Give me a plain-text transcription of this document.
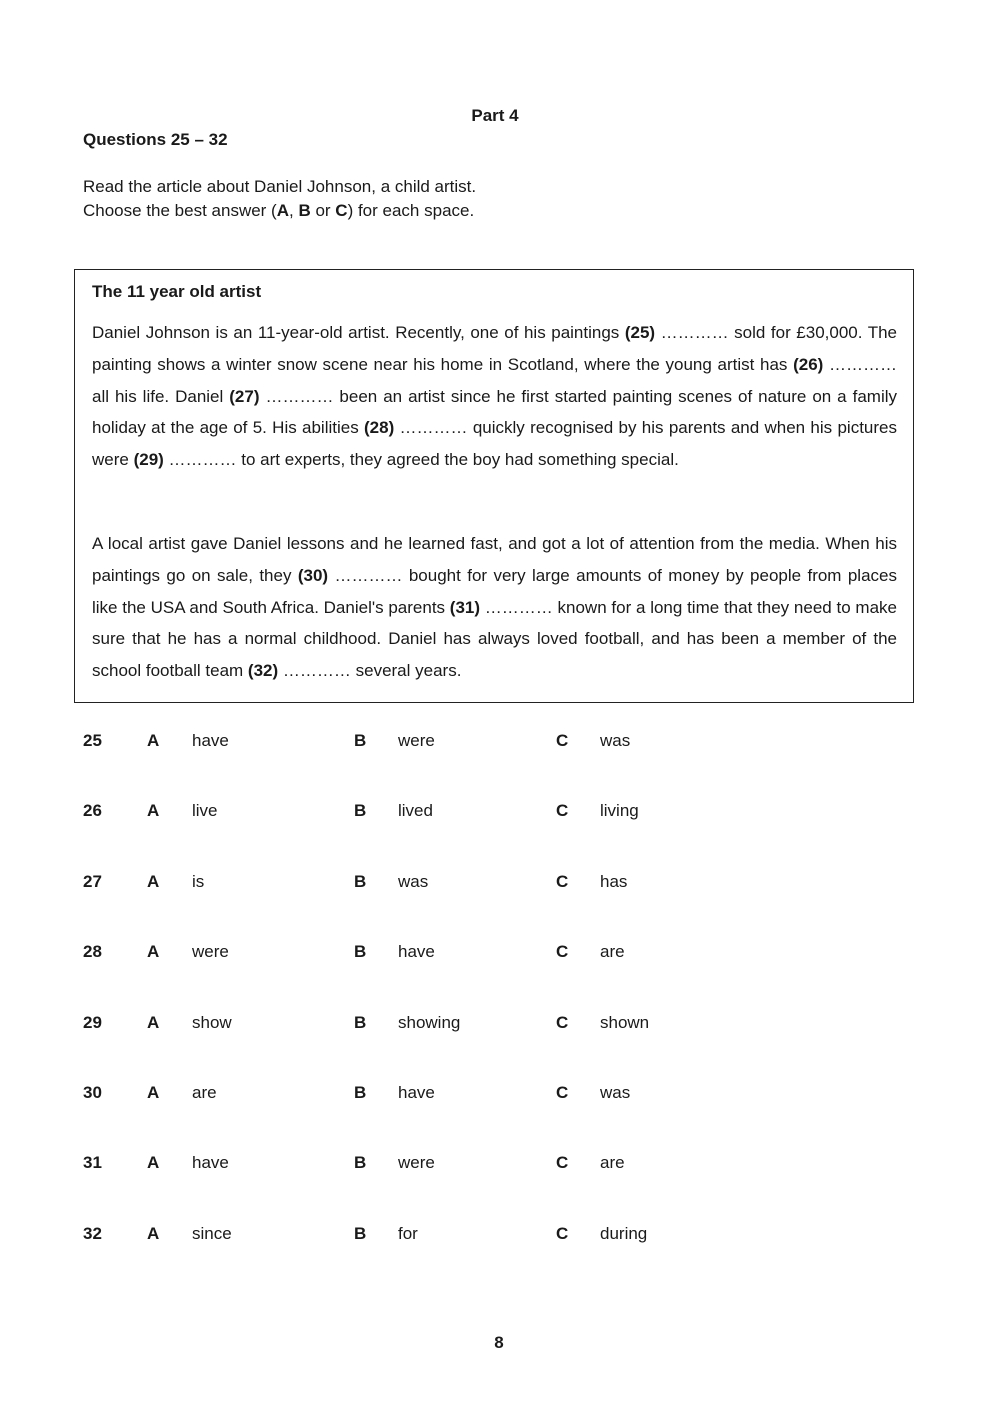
Part 4
Questions 25 – 32
Read the article about Daniel Johnson, a child artist.
Choose the best answer (A, B or C) for each space.
The 11 year old artist
Daniel Johnson is an 11-year-old artist. Recently, one of his paintings (25) ………… sold for £30,000. The painting shows a winter snow scene near his home in Scotland, where the young artist has (26) ………… all his life. Daniel (27) ………… been an artist since he first started painting scenes of nature on a family holiday at the age of 5. His abilities (28) ………… quickly recognised by his parents and when his pictures were (29) ………… to art experts, they agreed the boy had something special.
A local artist gave Daniel lessons and he learned fast, and got a lot of attention from the media. When his paintings go on sale, they (30) ………… bought for very large amounts of money by people from places like the USA and South Africa. Daniel's parents (31) ………… known for a long time that they need to make sure that he has a normal childhood. Daniel has always loved football, and has been a member of the school football team (32) ………… several years.
25	A have	B were	C was
26	A live	B lived	C living
27	A is	B was	C has
28	A were	B have	C are
29	A show	B showing	C shown
30	A are	B have	C was
31	A have	B were	C are
32	A since	B for	C during
8
